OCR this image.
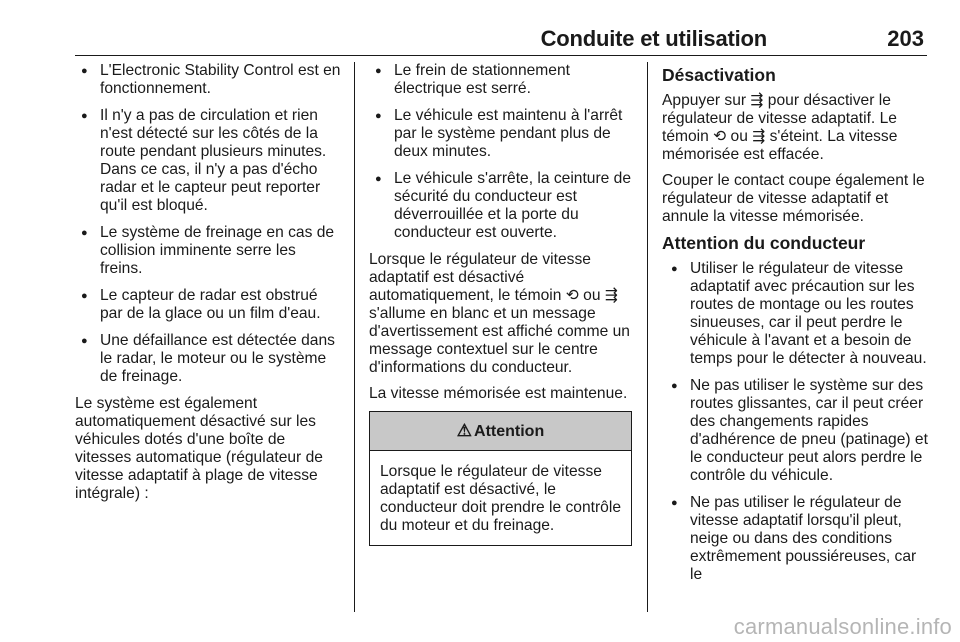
Conduite et utilisation	203
● L'Electronic Stability Control est en fonctionnement.
● Il n'y a pas de circulation et rien n'est détecté sur les côtés de la route pendant plusieurs minutes. Dans ce cas, il n'y a pas d'écho radar et le capteur peut reporter qu'il est bloqué.
● Le système de freinage en cas de collision imminente serre les freins.
● Le capteur de radar est obstrué par de la glace ou un film d'eau.
● Une défaillance est détectée dans le radar, le moteur ou le système de freinage.

Le système est également automatiquement désactivé sur les véhicules dotés d'une boîte de vitesses automatique (régulateur de vitesse adaptatif à plage de vitesse intégrale) :

● Le frein de stationnement électrique est serré.
● Le véhicule est maintenu à l'arrêt par le système pendant plus de deux minutes.
● Le véhicule s'arrête, la ceinture de sécurité du conducteur est déverrouillée et la porte du conducteur est ouverte.

Lorsque le régulateur de vitesse adaptatif est désactivé automatiquement, le témoin ⟲ ou ⇶ s'allume en blanc et un message d'avertissement est affiché comme un message contextuel sur le centre d'informations du conducteur.

La vitesse mémorisée est maintenue.

⚠ Attention
Lorsque le régulateur de vitesse adaptatif est désactivé, le conducteur doit prendre le contrôle du moteur et du freinage.
Désactivation

Appuyer sur ⇶ pour désactiver le régulateur de vitesse adaptatif. Le témoin ⟲ ou ⇶ s'éteint. La vitesse mémorisée est effacée.

Couper le contact coupe également le régulateur de vitesse adaptatif et annule la vitesse mémorisée.

Attention du conducteur
● Utiliser le régulateur de vitesse adaptatif avec précaution sur les routes de montage ou les routes sinueuses, car il peut perdre le véhicule à l'avant et a besoin de temps pour le détecter à nouveau.
● Ne pas utiliser le système sur des routes glissantes, car il peut créer des changements rapides d'adhérence de pneu (patinage) et le conducteur peut alors perdre le contrôle du véhicule.
● Ne pas utiliser le régulateur de vitesse adaptatif lorsqu'il pleut, neige ou dans des conditions extrêmement poussiéreuses, car le
carmanualsonline.info
